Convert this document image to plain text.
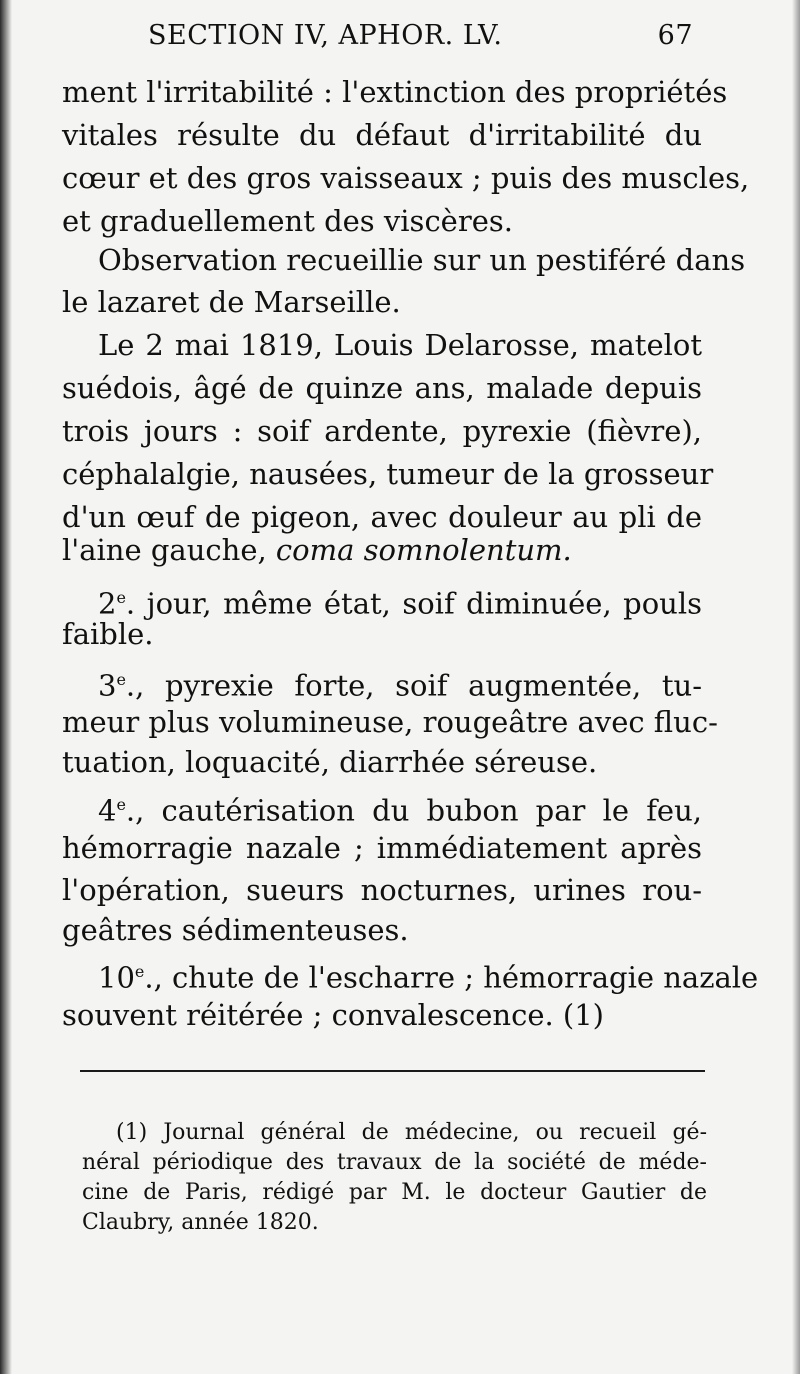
SECTION IV, APHOR. LV.	67
ment l'irritabilité : l'extinction des propriétés
vitales résulte du défaut d'irritabilité du
cœur et des gros vaisseaux ; puis des muscles,
et graduellement des viscères.
Observation recueillie sur un pestiféré dans
le lazaret de Marseille.
Le 2 mai 1819, Louis Delarosse, matelot
suédois, âgé de quinze ans, malade depuis
trois jours : soif ardente, pyrexie (fièvre),
céphalalgie, nausées, tumeur de la grosseur
d'un œuf de pigeon, avec douleur au pli de
l'aine gauche, coma somnolentum.
2e. jour, même état, soif diminuée, pouls
faible.
3e., pyrexie forte, soif augmentée, tu-
meur plus volumineuse, rougeâtre avec fluc-
tuation, loquacité, diarrhée séreuse.
4e., cautérisation du bubon par le feu,
hémorragie nazale ; immédiatement après
l'opération, sueurs nocturnes, urines rou-
geâtres sédimenteuses.
10e., chute de l'escharre ; hémorragie nazale
souvent réitérée ; convalescence. (1)
(1) Journal général de médecine, ou recueil gé-
néral périodique des travaux de la société de méde-
cine de Paris, rédigé par M. le docteur Gautier de
Claubry, année 1820.
